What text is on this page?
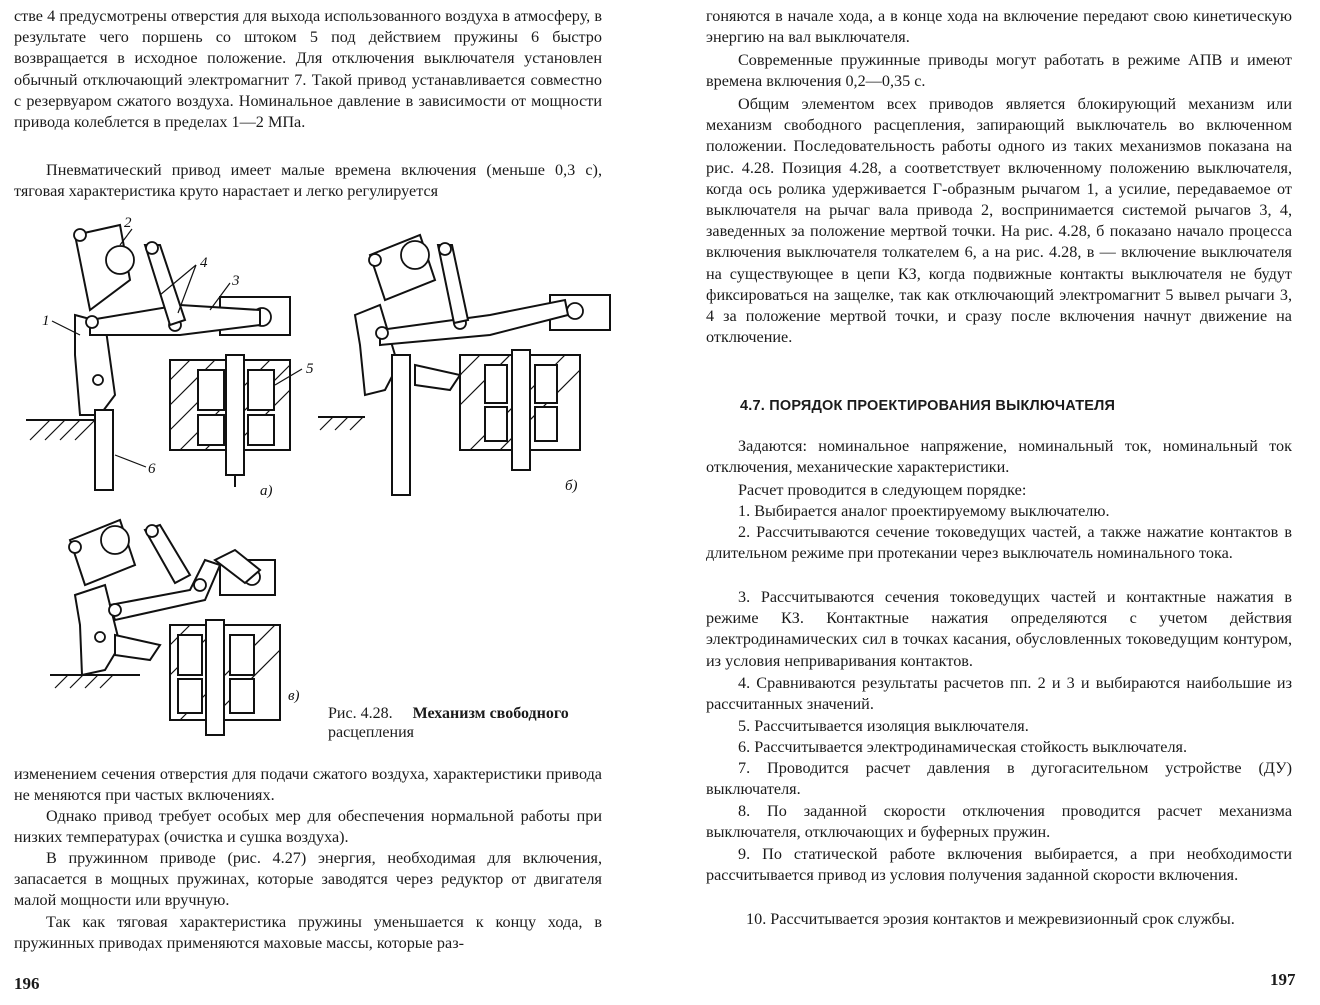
стве 4 предусмотрены отверстия для выхода использованного воздуха в атмосферу, в результате чего поршень со штоком 5 под действием пружины 6 быстро возвращается в исходное положение. Для отключения выключателя установлен обычный отключающий электромагнит 7. Такой привод устанавливается совместно с резервуаром сжатого воздуха. Номинальное давление в зависимости от мощности привода колеблется в пределах 1—2 МПа.

Пневматический привод имеет малые времена включения (меньше 0,3 с), тяговая характеристика круто нарастает и легко регулируется

2
4
3
1
5
6
а)	б)
в)
Рис. 4.28. Механизм свободного
расцепления

изменением сечения отверстия для подачи сжатого воздуха, характеристики привода не меняются при частых включениях.

Однако привод требует особых мер для обеспечения нормальной работы при низких температурах (очистка и сушка воздуха).

В пружинном приводе (рис. 4.27) энергия, необходимая для включения, запасается в мощных пружинах, которые заводятся через редуктор от двигателя малой мощности или вручную.

Так как тяговая характеристика пружины уменьшается к концу хода, в пружинных приводах применяются маховые массы, которые раз-

196

гоняются в начале хода, а в конце хода на включение передают свою кинетическую энергию на вал выключателя.

Современные пружинные приводы могут работать в режиме АПВ и имеют времена включения 0,2—0,35 с.

Общим элементом всех приводов является блокирующий механизм или механизм свободного расцепления, запирающий выключатель во включенном положении. Последовательность работы одного из таких механизмов показана на рис. 4.28. Позиция 4.28, а соответствует включенному положению выключателя, когда ось ролика удерживается Г-образным рычагом 1, а усилие, передаваемое от выключателя на рычаг вала привода 2, воспринимается системой рычагов 3, 4, заведенных за положение мертвой точки. На рис. 4.28, б показано начало процесса включения выключателя толкателем 6, а на рис. 4.28, в — включение выключателя на существующее в цепи КЗ, когда подвижные контакты выключателя не будут фиксироваться на защелке, так как отключающий электромагнит 5 вывел рычаги 3, 4 за положение мертвой точки, и сразу после включения начнут движение на отключение.

4.7. ПОРЯДОК ПРОЕКТИРОВАНИЯ ВЫКЛЮЧАТЕЛЯ

Задаются: номинальное напряжение, номинальный ток, номинальный ток отключения, механические характеристики.

Расчет проводится в следующем порядке:

1. Выбирается аналог проектируемому выключателю.

2. Рассчитываются сечение токоведущих частей, а также нажатие контактов в длительном режиме при протекании через выключатель номинального тока.

3. Рассчитываются сечения токоведущих частей и контактные нажатия в режиме КЗ. Контактные нажатия определяются с учетом действия электродинамических сил в точках касания, обусловленных токоведущим контуром, из условия неприваривания контактов.

4. Сравниваются результаты расчетов пп. 2 и 3 и выбираются наибольшие из рассчитанных значений.

5. Рассчитывается изоляция выключателя.

6. Рассчитывается электродинамическая стойкость выключателя.

7. Проводится расчет давления в дугогасительном устройстве (ДУ) выключателя.

8. По заданной скорости отключения проводится расчет механизма выключателя, отключающих и буферных пружин.

9. По статической работе включения выбирается, а при необходимости рассчитывается привод из условия получения заданной скорости включения.

10. Рассчитывается эрозия контактов и межревизионный срок службы.

197
